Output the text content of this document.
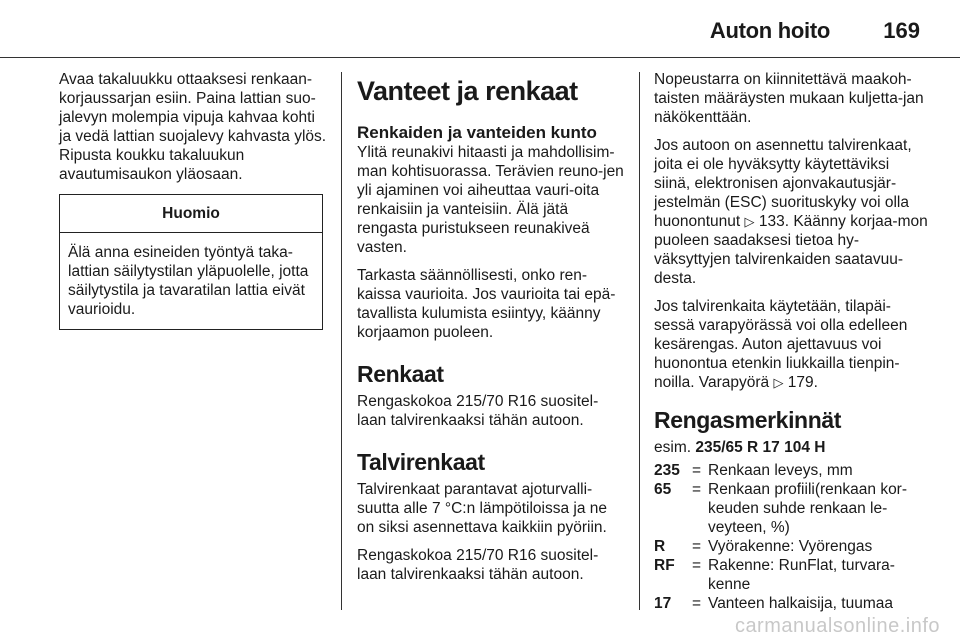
Auton hoito 169

Avaa takaluukku ottaaksesi renkaan-korjaussarjan esiin. Paina lattian suo-jalevyn molempia vipuja kahvaa kohti ja vedä lattian suojalevy kahvasta ylös. Ripusta koukku takaluukun avautumisaukon yläosaan.

Huomio
Älä anna esineiden työntyä taka-lattian säilytystilan yläpuolelle, jotta säilytystila ja tavaratilan lattia eivät vaurioidu.
Vanteet ja renkaat
Renkaiden ja vanteiden kunto

Ylitä reunakivi hitaasti ja mahdollisim-man kohtisuorassa. Terävien reuno-jen yli ajaminen voi aiheuttaa vauri-oita renkaisiin ja vanteisiin. Älä jätä rengasta puristukseen reunakiveä vasten.

Tarkasta säännöllisesti, onko ren-kaissa vaurioita. Jos vaurioita tai epä-tavallista kulumista esiintyy, käänny korjaamon puoleen.

Renkaat

Rengaskokoa 215/70 R16 suositel-laan talvirenkaaksi tähän autoon.

Talvirenkaat

Talvirenkaat parantavat ajoturvalli-suutta alle 7 °C:n lämpötiloissa ja ne on siksi asennettava kaikkiin pyöriin.

Rengaskokoa 215/70 R16 suositel-laan talvirenkaaksi tähän autoon.

Nopeustarra on kiinnitettävä maakoh-taisten määräysten mukaan kuljetta-jan näkökenttään.

Jos autoon on asennettu talvirenkaat, joita ei ole hyväksytty käytettäviksi siinä, elektronisen ajonvakautusjär-jestelmän (ESC) suorituskyky voi olla huonontunut ▷ 133. Käänny korjaa-mon puoleen saadaksesi tietoa hy-väksyttyjen talvirenkaiden saatavuu-desta.

Jos talvirenkaita käytetään, tilapäi-sessä varapyörässä voi olla edelleen kesärengas. Auton ajettavuus voi huonontua etenkin liukkailla tienpin-noilla. Varapyörä ▷ 179.

Rengasmerkinnät
esim. 235/65 R 17 104 H
235 = Renkaan leveys, mm
65	= Renkaan profiili(renkaan kor-keuden suhde renkaan le-veyteen, %)
R	= Vyörakenne: Vyörengas
RF	= Rakenne: RunFlat, turvara-kenne
17	= Vanteen halkaisija, tuumaa
carmanualsonline.info
